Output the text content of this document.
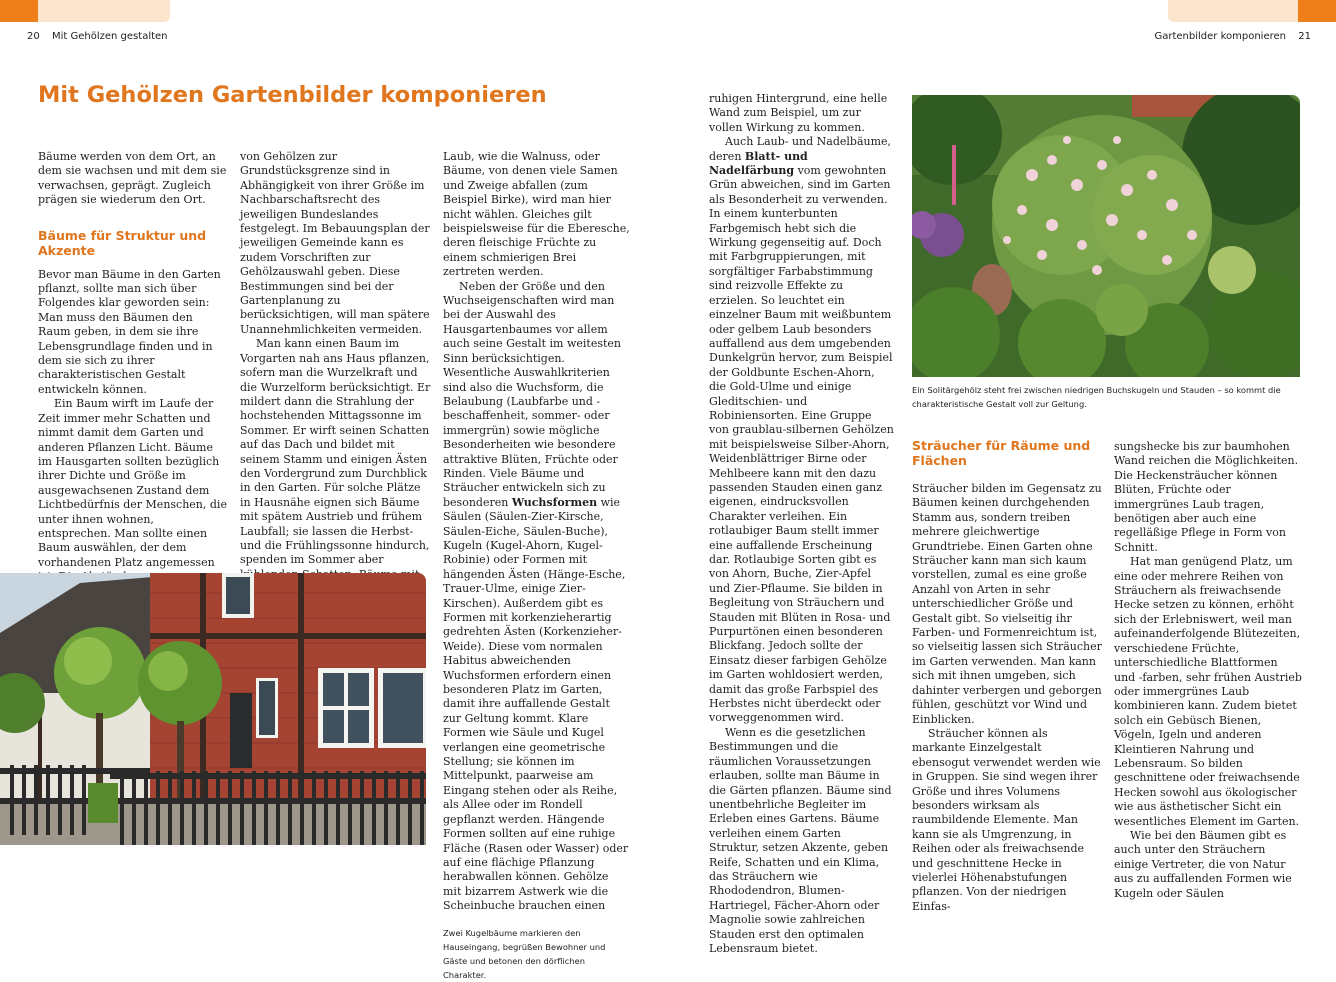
20 Mit Gehölzen gestalten	Gartenbilder komponieren 21
Mit Gehölzen Gartenbilder komponieren

Bäume werden von dem Ort, an dem sie wachsen und mit dem sie verwachsen, geprägt. Zugleich prägen sie wiederum den Ort.

Bäume für Struktur und Akzente

Bevor man Bäume in den Garten pflanzt, sollte man sich über Folgendes klar geworden sein: Man muss den Bäumen den Raum geben, in dem sie ihre Lebensgrundlage finden und in dem sie sich zu ihrer charakteristischen Gestalt entwickeln können.

Ein Baum wirft im Laufe der Zeit immer mehr Schatten und nimmt damit dem Garten und anderen Pflanzen Licht. Bäume im Hausgarten sollten bezüglich ihrer Dichte und Größe im ausgewachsenen Zustand dem Lichtbedürfnis der Menschen, die unter ihnen wohnen, entsprechen. Man sollte einen Baum auswählen, der dem vorhandenen Platz angemessen

von Gehölzen zur Grundstücksgrenze sind in Abhängigkeit von ihrer Größe im Nachbarschaftsrecht des jeweiligen Bundeslandes festgelegt. Im Bebauungsplan der jeweiligen Gemeinde kann es zudem Vorschriften zur Gehölzauswahl geben. Diese Bestimmungen sind bei der Gartenplanung zu berücksichtigen, will man spätere Unannehmlichkeiten vermeiden.

Man kann einen Baum im Vorgarten nah ans Haus pflanzen, sofern man die Wurzelkraft und die Wurzelform berücksichtigt. Er mildert dann die Strahlung der hochstehenden Mittagssonne im Sommer. Er wirft seinen Schatten auf das Dach und bildet mit seinem Stamm und einigen Ästen den Vordergrund zum Durchblick in den Garten. Für solche Plätze in Hausnähe eignen sich Bäume mit spätem Austrieb und frühem Laubfall; sie lassen die Herbst- und die Frühlingssonne hindurch, spenden im Sommer aber

Laub, wie die Walnuss, oder Bäume, von denen viele Samen und Zweige abfallen (zum Beispiel Birke), wird man hier nicht wählen. Gleiches gilt beispielsweise für die Eberesche, deren fleischige Früchte zu einem schmierigen Brei zertreten werden.

Neben der Größe und den Wuchseigenschaften wird man bei der Auswahl des Hausgartenbaumes vor allem auch seine Gestalt im weitesten Sinn berücksichtigen. Wesentliche Auswahlkriterien sind also die Wuchsform, die Belaubung (Laubfarbe und -beschaffenheit, sommer- oder immergrün) sowie mögliche Besonderheiten wie besondere attraktive Blüten, Früchte oder Rinden. Viele Bäume und Sträucher entwickeln sich zu besonderen Wuchsformen wie Säulen (Säulen-Zier-Kirsche, Säulen-Eiche, Säulen-Buche), Kugeln (Kugel-Ahorn, Kugel-Robinie) oder Formen mit hängenden Ästen (Hänge-Esche, Trauer-Ulme, einige Zier-Kirschen). Außerdem gibt es Formen mit korkenzieherartig gedrehten Ästen (Korkenzieher-Weide). Diese vom normalen Habitus abweichenden Wuchsformen erfordern einen besonderen Platz im Garten, damit ihre auffallende Gestalt zur Geltung kommt. Klare Formen wie Säule und Kugel verlangen eine geometrische Stellung; sie können im Mittelpunkt, paarweise am Eingang stehen oder als Reihe, als Allee oder im Rondell gepflanzt werden. Hängende Formen sollten auf eine ruhige Fläche (Rasen oder Wasser) oder auf eine flächige Pflanzung herabwallen können. Gehölze mit bizarrem Astwerk wie die Scheinbuche brauchen einen

Zwei Kugelbäume markieren den Hauseingang, begrüßen Bewohner und Gäste und betonen den dörflichen Charakter.

ruhigen Hintergrund, eine helle Wand zum Beispiel, um zur vollen Wirkung zu kommen.

Auch Laub- und Nadelbäume, deren Blatt- und Nadelfärbung vom gewohnten Grün abweichen, sind im Garten als Besonderheit zu verwenden. In einem kunterbunten Farbgemisch hebt sich die Wirkung gegenseitig auf. Doch mit Farbgruppierungen, mit sorgfältiger Farbabstimmung sind reizvolle Effekte zu erzielen. So leuchtet ein einzelner Baum mit weißbuntem oder gelbem Laub besonders auffallend aus dem umgebenden Dunkelgrün hervor, zum Beispiel der Goldbunte Eschen-Ahorn, die Gold-Ulme und einige Gleditschien- und Robiniensorten. Eine Gruppe von graublau-silbernen Gehölzen mit beispielsweise Silber-Ahorn, Weidenblättriger Birne oder Mehlbeere kann mit den dazu passenden Stauden einen ganz eigenen, eindrucksvollen Charakter verleihen. Ein rotlaubiger Baum stellt immer eine auffallende Erscheinung dar. Rotlaubige Sorten gibt es von Ahorn, Buche, Zier-Apfel und Zier-Pflaume. Sie bilden in Begleitung von Sträuchern und Stauden mit Blüten in Rosa- und Purpurtönen einen besonderen Blickfang. Jedoch sollte der Einsatz dieser farbigen Gehölze im Garten wohldosiert werden, damit das große Farbspiel des Herbstes nicht überdeckt oder vorweggenommen wird.

Wenn es die gesetzlichen Bestimmungen und die räumlichen Voraussetzungen erlauben, sollte man Bäume in die Gärten pflanzen. Bäume sind unentbehrliche Begleiter im Erleben eines Gartens. Bäume verleihen einem Garten Struktur, setzen Akzente, geben Reife, Schatten und ein Klima, das Sträuchern wie Rhododendron, Blumen-Hartriegel, Fächer-Ahorn oder Magnolie sowie zahlreichen Stauden erst den optimalen Lebensraum bietet.

Ein Solitärgehölz steht frei zwischen niedrigen Buchskugeln und Stauden – so kommt die charakteristische Gestalt voll zur Geltung.

Sträucher für Räume und Flächen

Sträucher bilden im Gegensatz zu Bäumen keinen durchgehenden Stamm aus, sondern treiben mehrere gleichwertige Grundtriebe. Einen Garten ohne Sträucher kann man sich kaum vorstellen, zumal es eine große Anzahl von Arten in sehr unterschiedlicher Größe und Gestalt gibt. So vielseitig ihr Farben- und Formenreichtum ist, so vielseitig lassen sich Sträucher im Garten verwenden. Man kann sich mit ihnen umgeben, sich dahinter verbergen und geborgen fühlen, geschützt vor Wind und Einblicken.

Sträucher können als markante Einzelgestalt ebensogut verwendet werden wie in Gruppen. Sie sind wegen ihrer Größe und ihres Volumens besonders wirksam als raumbildende Elemente. Man kann sie als Umgrenzung, in Reihen oder als freiwachsende und geschnittene Hecke in vielerlei Höhenabstufungen pflanzen. Von der niedrigen Einfas-

sungshecke bis zur baumhohen Wand reichen die Möglichkeiten. Die Heckensträucher können Blüten, Früchte oder immergrünes Laub tragen, benötigen aber auch eine regelläßige Pflege in Form von Schnitt.

Hat man genügend Platz, um eine oder mehrere Reihen von Sträuchern als freiwachsende Hecke setzen zu können, erhöht sich der Erlebniswert, weil man aufeinanderfolgende Blütezeiten, verschiedene Früchte, unterschiedliche Blattformen und -farben, sehr frühen Austrieb oder immergrünes Laub kombinieren kann. Zudem bietet solch ein Gebüsch Bienen, Vögeln, Igeln und anderen Kleintieren Nahrung und Lebensraum. So bilden geschnittene oder freiwachsende Hecken sowohl aus ökologischer wie aus ästhetischer Sicht ein wesentliches Element im Garten.

Wie bei den Bäumen gibt es auch unter den Sträuchern einige Vertreter, die von Natur aus zu auffallenden Formen wie Kugeln oder Säulen
